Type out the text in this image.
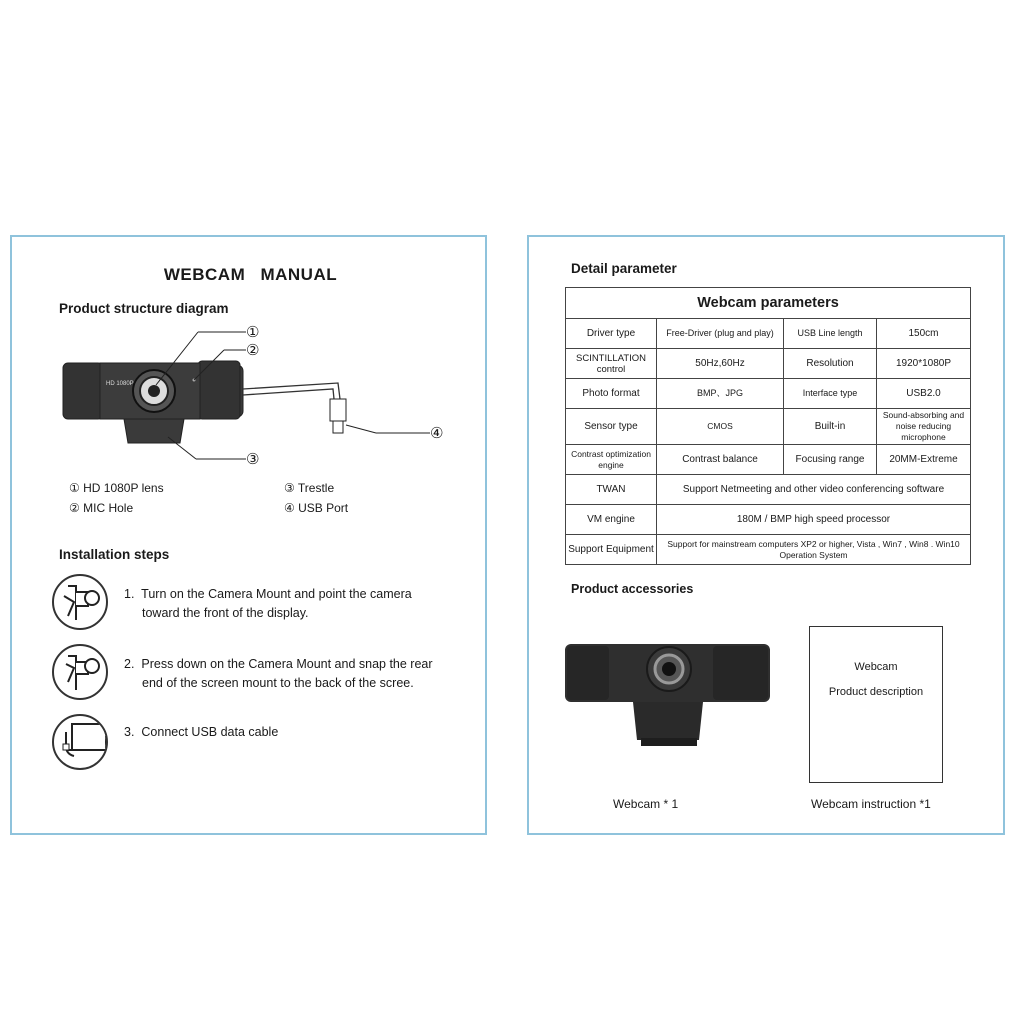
WEBCAM MANUAL
Product structure diagram
HD 1080P
①
②
③
④
① HD 1080P lens
② MIC Hole
③ Trestle
④ USB Port
Installation steps
1. Turn on the Camera Mount and point the camera
toward the front of the display.
2. Press down on the Camera Mount and snap the rear
end of the screen mount to the back of the scree.
3. Connect USB data cable
Detail parameter
Webcam parameters			
Driver type	Free-Driver (plug and play)	USB Line length	150cm
SCINTILLATION control	50Hz,60Hz	Resolution	1920*1080P
Photo format	BMP、JPG	Interface type	USB2.0
Sensor type	CMOS	Built-in	Sound-absorbing and noise reducing microphone
Contrast optimization engine	Contrast balance	Focusing range	20MM-Extreme
TWAN	Support Netmeeting and other video conferencing software		
VM engine	180M / BMP high speed processor		
Support Equipment	Support for mainstream computers XP2 or higher, Vista , Win7 , Win8 . Win10 Operation System		
Product accessories
Webcam
Product description
Webcam * 1	Webcam instruction *1
